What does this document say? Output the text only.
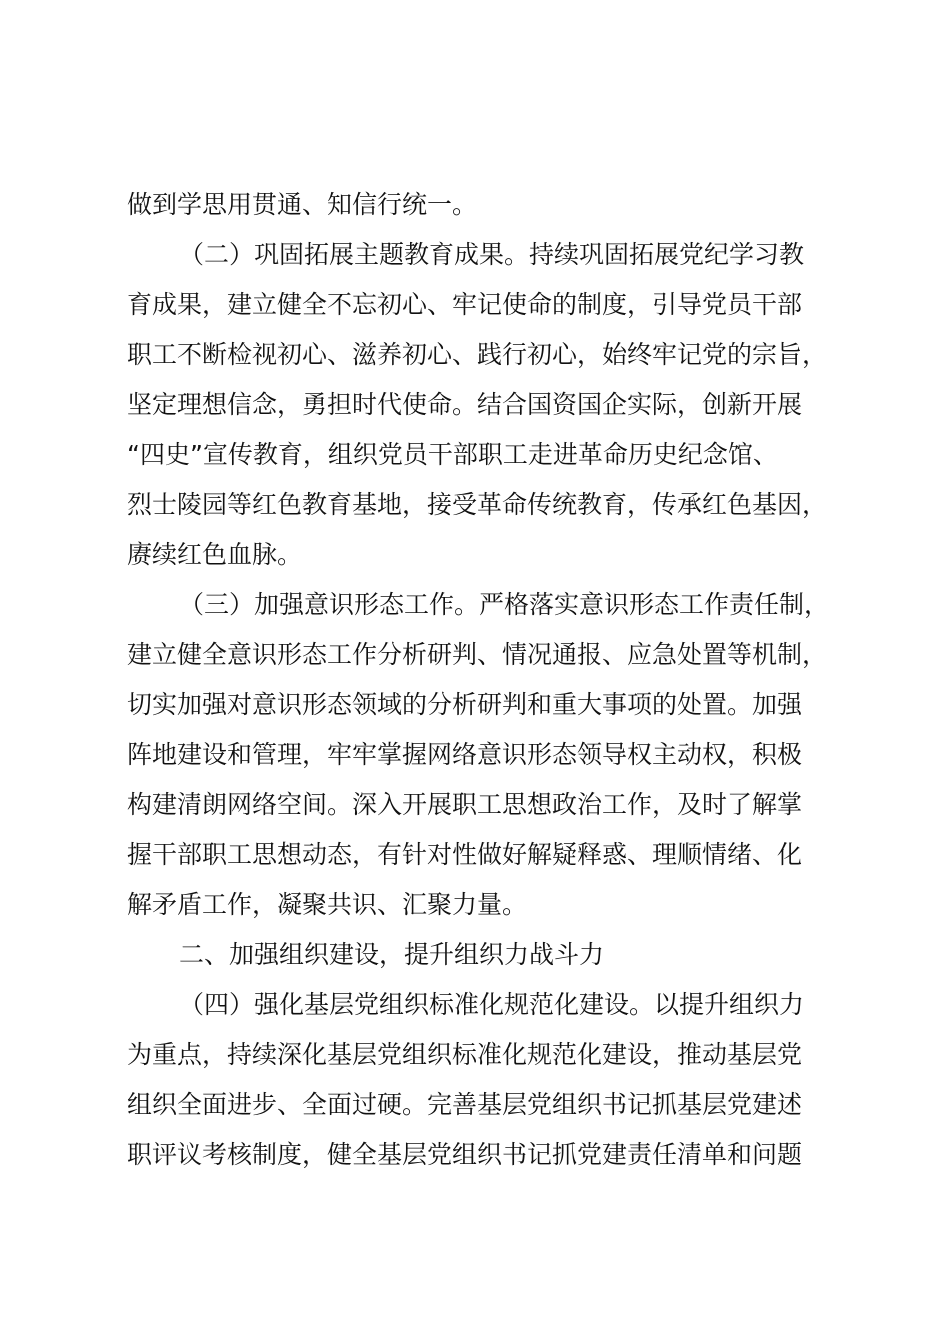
做到学思用贯通、知信行统一。
（二）巩固拓展主题教育成果。持续巩固拓展党纪学习教
育成果，建立健全不忘初心、牢记使命的制度，引导党员干部
职工不断检视初心、滋养初心、践行初心，始终牢记党的宗旨，
坚定理想信念，勇担时代使命。结合国资国企实际，创新开展
“四史”宣传教育，组织党员干部职工走进革命历史纪念馆、
烈士陵园等红色教育基地，接受革命传统教育，传承红色基因，
赓续红色血脉。
（三）加强意识形态工作。严格落实意识形态工作责任制，
建立健全意识形态工作分析研判、情况通报、应急处置等机制，
切实加强对意识形态领域的分析研判和重大事项的处置。加强
阵地建设和管理，牢牢掌握网络意识形态领导权主动权，积极
构建清朗网络空间。深入开展职工思想政治工作，及时了解掌
握干部职工思想动态，有针对性做好解疑释惑、理顺情绪、化
解矛盾工作，凝聚共识、汇聚力量。
二、加强组织建设，提升组织力战斗力
（四）强化基层党组织标准化规范化建设。以提升组织力
为重点，持续深化基层党组织标准化规范化建设，推动基层党
组织全面进步、全面过硬。完善基层党组织书记抓基层党建述
职评议考核制度，健全基层党组织书记抓党建责任清单和问题
